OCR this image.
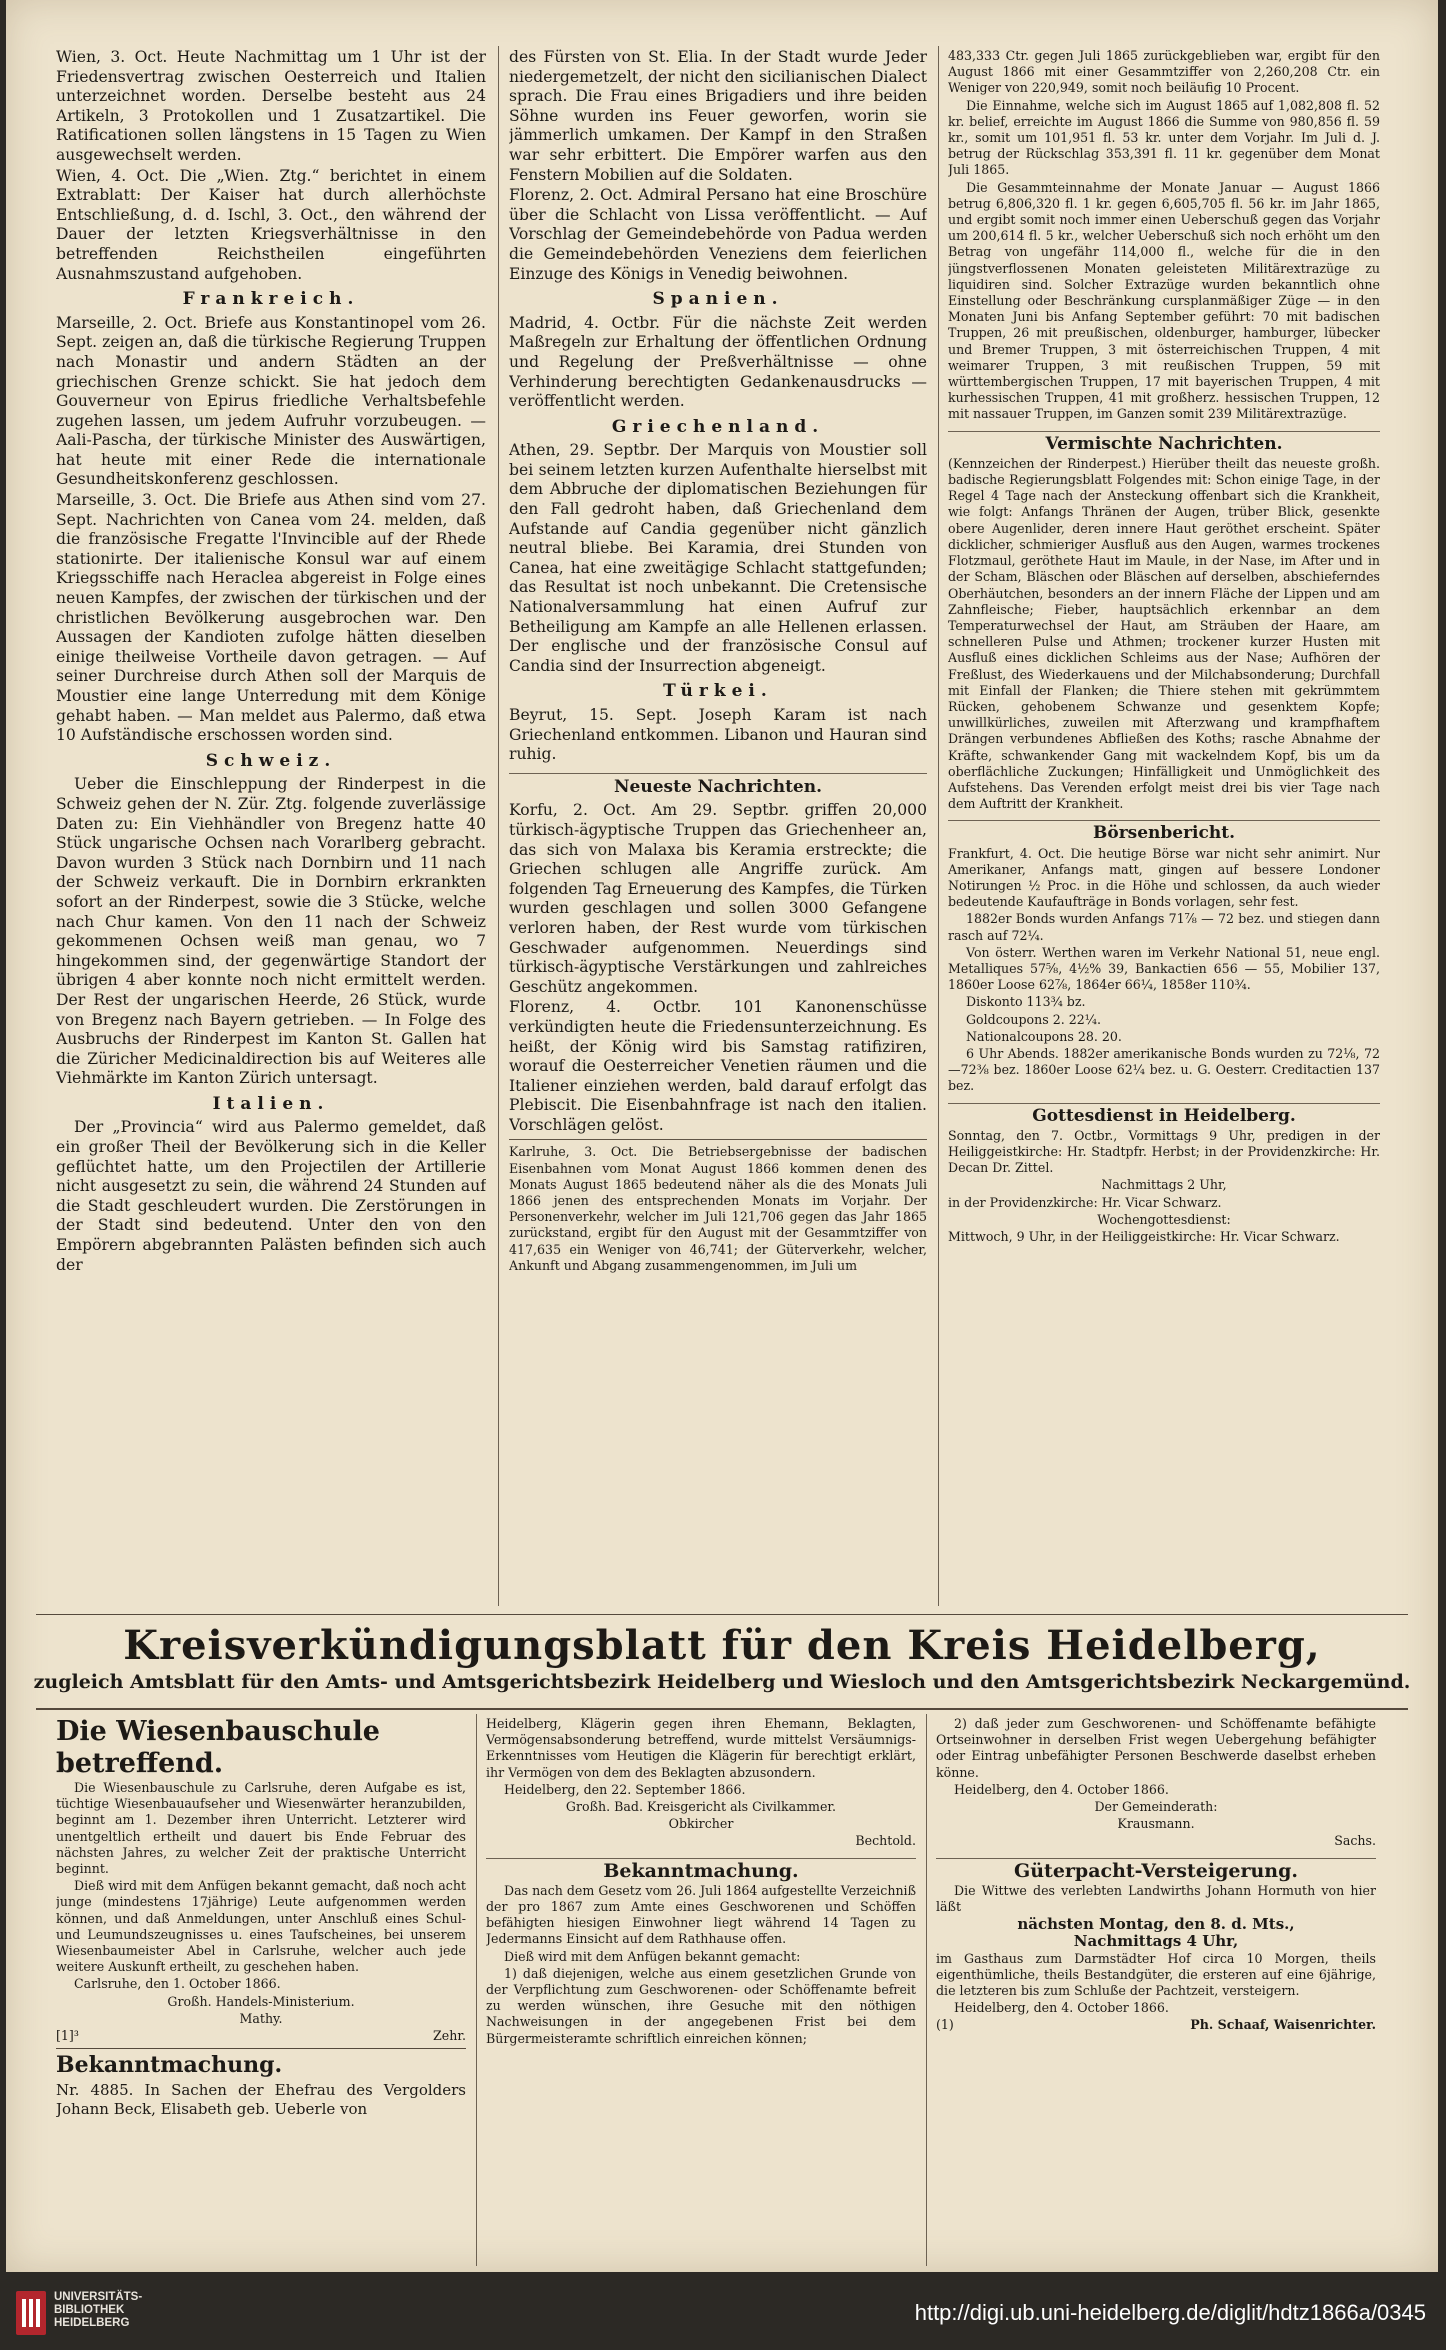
Wien, 3. Oct. Heute Nachmittag um 1 Uhr ist der Friedensvertrag zwischen Oesterreich und Italien unterzeichnet worden. Derselbe besteht aus 24 Artikeln, 3 Protokollen und 1 Zusatzartikel. Die Ratificationen sollen längstens in 15 Tagen zu Wien ausgewechselt werden.

Wien, 4. Oct. Die „Wien. Ztg.“ berichtet in einem Extrablatt: Der Kaiser hat durch allerhöchste Entschließung, d. d. Ischl, 3. Oct., den während der Dauer der letzten Kriegsverhältnisse in den betreffenden Reichstheilen eingeführten Ausnahmszustand aufgehoben.

Frankreich.

Marseille, 2. Oct. Briefe aus Konstantinopel vom 26. Sept. zeigen an, daß die türkische Regierung Truppen nach Monastir und andern Städten an der griechischen Grenze schickt. Sie hat jedoch dem Gouverneur von Epirus friedliche Verhaltsbefehle zugehen lassen, um jedem Aufruhr vorzubeugen. — Aali-Pascha, der türkische Minister des Auswärtigen, hat heute mit einer Rede die internationale Gesundheitskonferenz geschlossen.

Marseille, 3. Oct. Die Briefe aus Athen sind vom 27. Sept. Nachrichten von Canea vom 24. melden, daß die französische Fregatte l'Invincible auf der Rhede stationirte. Der italienische Konsul war auf einem Kriegsschiffe nach Heraclea abgereist in Folge eines neuen Kampfes, der zwischen der türkischen und der christlichen Bevölkerung ausgebrochen war. Den Aussagen der Kandioten zufolge hätten dieselben einige theilweise Vortheile davon getragen. — Auf seiner Durchreise durch Athen soll der Marquis de Moustier eine lange Unterredung mit dem Könige gehabt haben. — Man meldet aus Palermo, daß etwa 10 Aufständische erschossen worden sind.

Schweiz.

Ueber die Einschleppung der Rinderpest in die Schweiz gehen der N. Zür. Ztg. folgende zuverlässige Daten zu: Ein Viehhändler von Bregenz hatte 40 Stück ungarische Ochsen nach Vorarlberg gebracht. Davon wurden 3 Stück nach Dornbirn und 11 nach der Schweiz verkauft. Die in Dornbirn erkrankten sofort an der Rinderpest, sowie die 3 Stücke, welche nach Chur kamen. Von den 11 nach der Schweiz gekommenen Ochsen weiß man genau, wo 7 hingekommen sind, der gegenwärtige Standort der übrigen 4 aber konnte noch nicht ermittelt werden. Der Rest der ungarischen Heerde, 26 Stück, wurde von Bregenz nach Bayern getrieben. — In Folge des Ausbruchs der Rinderpest im Kanton St. Gallen hat die Züricher Medicinaldirection bis auf Weiteres alle Viehmärkte im Kanton Zürich untersagt.

Italien.

Der „Provincia“ wird aus Palermo gemeldet, daß ein großer Theil der Bevölkerung sich in die Keller geflüchtet hatte, um den Projectilen der Artillerie nicht ausgesetzt zu sein, die während 24 Stunden auf die Stadt geschleudert wurden. Die Zerstörungen in der Stadt sind bedeutend. Unter den von den Empörern abgebrannten Palästen befinden sich auch der

des Fürsten von St. Elia. In der Stadt wurde Jeder niedergemetzelt, der nicht den sicilianischen Dialect sprach. Die Frau eines Brigadiers und ihre beiden Söhne wurden ins Feuer geworfen, worin sie jämmerlich umkamen. Der Kampf in den Straßen war sehr erbittert. Die Empörer warfen aus den Fenstern Mobilien auf die Soldaten.

Florenz, 2. Oct. Admiral Persano hat eine Broschüre über die Schlacht von Lissa veröffentlicht. — Auf Vorschlag der Gemeindebehörde von Padua werden die Gemeindebehörden Veneziens dem feierlichen Einzuge des Königs in Venedig beiwohnen.

Spanien.

Madrid, 4. Octbr. Für die nächste Zeit werden Maßregeln zur Erhaltung der öffentlichen Ordnung und Regelung der Preßverhältnisse — ohne Verhinderung berechtigten Gedankenausdrucks — veröffentlicht werden.

Griechenland.

Athen, 29. Septbr. Der Marquis von Moustier soll bei seinem letzten kurzen Aufenthalte hierselbst mit dem Abbruche der diplomatischen Beziehungen für den Fall gedroht haben, daß Griechenland dem Aufstande auf Candia gegenüber nicht gänzlich neutral bliebe. Bei Karamia, drei Stunden von Canea, hat eine zweitägige Schlacht stattgefunden; das Resultat ist noch unbekannt. Die Cretensische Nationalversammlung hat einen Aufruf zur Betheiligung am Kampfe an alle Hellenen erlassen. Der englische und der französische Consul auf Candia sind der Insurrection abgeneigt.

Türkei.

Beyrut, 15. Sept. Joseph Karam ist nach Griechenland entkommen. Libanon und Hauran sind ruhig.

Neueste Nachrichten.

Korfu, 2. Oct. Am 29. Septbr. griffen 20,000 türkisch-ägyptische Truppen das Griechenheer an, das sich von Malaxa bis Keramia erstreckte; die Griechen schlugen alle Angriffe zurück. Am folgenden Tag Erneuerung des Kampfes, die Türken wurden geschlagen und sollen 3000 Gefangene verloren haben, der Rest wurde vom türkischen Geschwader aufgenommen. Neuerdings sind türkisch-ägyptische Verstärkungen und zahlreiches Geschütz angekommen.

Florenz, 4. Octbr. 101 Kanonenschüsse verkündigten heute die Friedensunterzeichnung. Es heißt, der König wird bis Samstag ratifiziren, worauf die Oesterreicher Venetien räumen und die Italiener einziehen werden, bald darauf erfolgt das Plebiscit. Die Eisenbahnfrage ist nach den italien. Vorschlägen gelöst.

Karlruhe, 3. Oct. Die Betriebsergebnisse der badischen Eisenbahnen vom Monat August 1866 kommen denen des Monats August 1865 bedeutend näher als die des Monats Juli 1866 jenen des entsprechenden Monats im Vorjahr. Der Personenverkehr, welcher im Juli 121,706 gegen das Jahr 1865 zurückstand, ergibt für den August mit der Gesammtziffer von 417,635 ein Weniger von 46,741; der Güterverkehr, welcher, Ankunft und Abgang zusammengenommen, im Juli um

483,333 Ctr. gegen Juli 1865 zurückgeblieben war, ergibt für den August 1866 mit einer Gesammtziffer von 2,260,208 Ctr. ein Weniger von 220,949, somit noch beiläufig 10 Procent.

Die Einnahme, welche sich im August 1865 auf 1,082,808 fl. 52 kr. belief, erreichte im August 1866 die Summe von 980,856 fl. 59 kr., somit um 101,951 fl. 53 kr. unter dem Vorjahr. Im Juli d. J. betrug der Rückschlag 353,391 fl. 11 kr. gegenüber dem Monat Juli 1865.

Die Gesammteinnahme der Monate Januar — August 1866 betrug 6,806,320 fl. 1 kr. gegen 6,605,705 fl. 56 kr. im Jahr 1865, und ergibt somit noch immer einen Ueberschuß gegen das Vorjahr um 200,614 fl. 5 kr., welcher Ueberschuß sich noch erhöht um den Betrag von ungefähr 114,000 fl., welche für die in den jüngstverflossenen Monaten geleisteten Militärextrazüge zu liquidiren sind. Solcher Extrazüge wurden bekanntlich ohne Einstellung oder Beschränkung cursplanmäßiger Züge — in den Monaten Juni bis Anfang September geführt: 70 mit badischen Truppen, 26 mit preußischen, oldenburger, hamburger, lübecker und Bremer Truppen, 3 mit österreichischen Truppen, 4 mit weimarer Truppen, 3 mit reußischen Truppen, 59 mit württembergischen Truppen, 17 mit bayerischen Truppen, 4 mit kurhessischen Truppen, 41 mit großherz. hessischen Truppen, 12 mit nassauer Truppen, im Ganzen somit 239 Militärextrazüge.

Vermischte Nachrichten.

(Kennzeichen der Rinderpest.) Hierüber theilt das neueste großh. badische Regierungsblatt Folgendes mit: Schon einige Tage, in der Regel 4 Tage nach der Ansteckung offenbart sich die Krankheit, wie folgt: Anfangs Thränen der Augen, trüber Blick, gesenkte obere Augenlider, deren innere Haut geröthet erscheint. Später dicklicher, schmieriger Ausfluß aus den Augen, warmes trockenes Flotzmaul, geröthete Haut im Maule, in der Nase, im After und in der Scham, Bläschen oder Bläschen auf derselben, abschieferndes Oberhäutchen, besonders an der innern Fläche der Lippen und am Zahnfleische; Fieber, hauptsächlich erkennbar an dem Temperaturwechsel der Haut, am Sträuben der Haare, am schnelleren Pulse und Athmen; trockener kurzer Husten mit Ausfluß eines dicklichen Schleims aus der Nase; Aufhören der Freßlust, des Wiederkauens und der Milchabsonderung; Durchfall mit Einfall der Flanken; die Thiere stehen mit gekrümmtem Rücken, gehobenem Schwanze und gesenktem Kopfe; unwillkürliches, zuweilen mit Afterzwang und krampfhaftem Drängen verbundenes Abfließen des Koths; rasche Abnahme der Kräfte, schwankender Gang mit wackelndem Kopf, bis um da oberflächliche Zuckungen; Hinfälligkeit und Unmöglichkeit des Aufstehens. Das Verenden erfolgt meist drei bis vier Tage nach dem Auftritt der Krankheit.

Börsenbericht.

Frankfurt, 4. Oct. Die heutige Börse war nicht sehr animirt. Nur Amerikaner, Anfangs matt, gingen auf bessere Londoner Notirungen ½ Proc. in die Höhe und schlossen, da auch wieder bedeutende Kaufaufträge in Bonds vorlagen, sehr fest.

1882er Bonds wurden Anfangs 71⅞ — 72 bez. und stiegen dann rasch auf 72¼.

Von österr. Werthen waren im Verkehr National 51, neue engl. Metalliques 57⅝, 4½% 39, Bankactien 656 — 55, Mobilier 137, 1860er Loose 62⅞, 1864er 66¼, 1858er 110¾.

Diskonto 113¾ bz.

Goldcoupons 2. 22¼.

Nationalcoupons 28. 20.

6 Uhr Abends. 1882er amerikanische Bonds wurden zu 72⅛, 72—72⅜ bez. 1860er Loose 62¼ bez. u. G. Oesterr. Creditactien 137 bez.

Gottesdienst in Heidelberg.

Sonntag, den 7. Octbr., Vormittags 9 Uhr, predigen in der Heiliggeistkirche: Hr. Stadtpfr. Herbst; in der Providenzkirche: Hr. Decan Dr. Zittel.

Nachmittags 2 Uhr,

in der Providenzkirche: Hr. Vicar Schwarz.

Wochengottesdienst:

Mittwoch, 9 Uhr, in der Heiliggeistkirche: Hr. Vicar Schwarz.

Kreisverkündigungsblatt für den Kreis Heidelberg,
zugleich Amtsblatt für den Amts- und Amtsgerichtsbezirk Heidelberg und Wiesloch und den Amtsgerichtsbezirk Neckargemünd.
Die Wiesenbauschule betreffend.

Die Wiesenbauschule zu Carlsruhe, deren Aufgabe es ist, tüchtige Wiesenbauaufseher und Wiesenwärter heranzubilden, beginnt am 1. Dezember ihren Unterricht. Letzterer wird unentgeltlich ertheilt und dauert bis Ende Februar des nächsten Jahres, zu welcher Zeit der praktische Unterricht beginnt.

Dieß wird mit dem Anfügen bekannt gemacht, daß noch acht junge (mindestens 17jährige) Leute aufgenommen werden können, und daß Anmeldungen, unter Anschluß eines Schul- und Leumundszeugnisses u. eines Taufscheines, bei unserem Wiesenbaumeister Abel in Carlsruhe, welcher auch jede weitere Auskunft ertheilt, zu geschehen haben.

Carlsruhe, den 1. October 1866.

Großh. Handels-Ministerium.

Mathy.

[1]³	Zehr.
Bekanntmachung.

Nr. 4885. In Sachen der Ehefrau des Vergolders Johann Beck, Elisabeth geb. Ueberle von

Heidelberg, Klägerin gegen ihren Ehemann, Beklagten, Vermögensabsonderung betreffend, wurde mittelst Versäumnigs-Erkenntnisses vom Heutigen die Klägerin für berechtigt erklärt, ihr Vermögen von dem des Beklagten abzusondern.

Heidelberg, den 22. September 1866.

Großh. Bad. Kreisgericht als Civilkammer.

Obkircher

Bechtold.

Bekanntmachung.

Das nach dem Gesetz vom 26. Juli 1864 aufgestellte Verzeichniß der pro 1867 zum Amte eines Geschworenen und Schöffen befähigten hiesigen Einwohner liegt während 14 Tagen zu Jedermanns Einsicht auf dem Rathhause offen.

Dieß wird mit dem Anfügen bekannt gemacht:

1) daß diejenigen, welche aus einem gesetzlichen Grunde von der Verpflichtung zum Geschworenen- oder Schöffenamte befreit zu werden wünschen, ihre Gesuche mit den nöthigen Nachweisungen in der angegebenen Frist bei dem Bürgermeisteramte schriftlich einreichen können;

2) daß jeder zum Geschworenen- und Schöffenamte befähigte Ortseinwohner in derselben Frist wegen Uebergehung befähigter oder Eintrag unbefähigter Personen Beschwerde daselbst erheben könne.

Heidelberg, den 4. October 1866.

Der Gemeinderath:

Krausmann.

Sachs.

Güterpacht-Versteigerung.

Die Wittwe des verlebten Landwirths Johann Hormuth von hier läßt

nächsten Montag, den 8. d. Mts.,

Nachmittags 4 Uhr,

im Gasthaus zum Darmstädter Hof circa 10 Morgen, theils eigenthümliche, theils Bestandgüter, die ersteren auf eine 6jährige, die letzteren bis zum Schluße der Pachtzeit, versteigern.

Heidelberg, den 4. October 1866.

(1)	Ph. Schaaf, Waisenrichter.
UNIVERSITÄTS-
BIBLIOTHEK
HEIDELBERG	http://digi.ub.uni-heidelberg.de/diglit/hdtz1866a/0345
